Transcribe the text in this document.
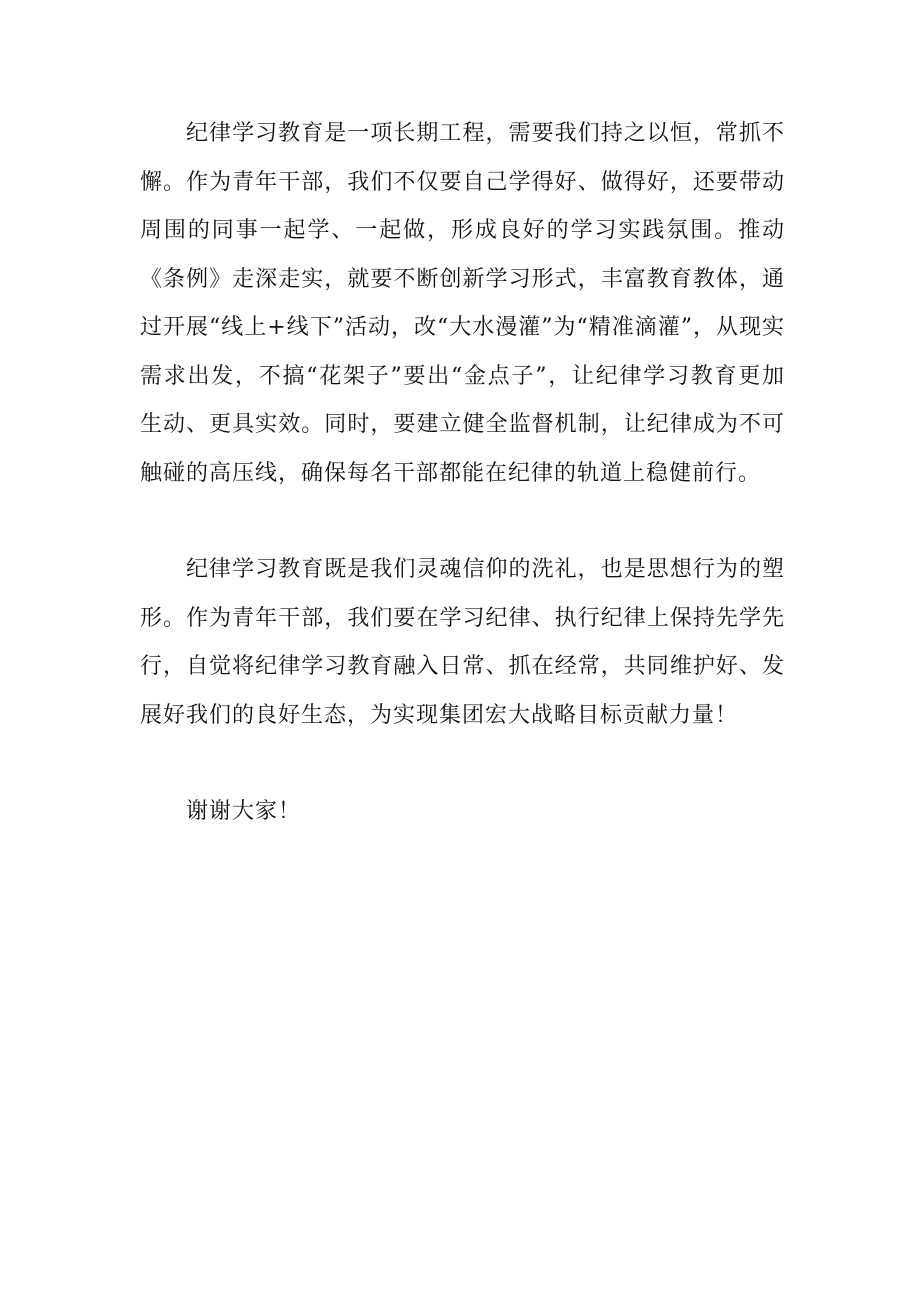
纪律学习教育是一项长期工程，需要我们持之以恒，常抓不懈。作为青年干部，我们不仅要自己学得好、做得好，还要带动周围的同事一起学、一起做，形成良好的学习实践氛围。推动《条例》走深走实，就要不断创新学习形式，丰富教育教体，通过开展“线上+线下”活动，改“大水漫灌”为“精准滴灌”，从现实需求出发，不搞“花架子”要出“金点子”，让纪律学习教育更加生动、更具实效。同时，要建立健全监督机制，让纪律成为不可触碰的高压线，确保每名干部都能在纪律的轨道上稳健前行。

纪律学习教育既是我们灵魂信仰的洗礼，也是思想行为的塑形。作为青年干部，我们要在学习纪律、执行纪律上保持先学先行，自觉将纪律学习教育融入日常、抓在经常，共同维护好、发展好我们的良好生态，为实现集团宏大战略目标贡献力量！

谢谢大家！
